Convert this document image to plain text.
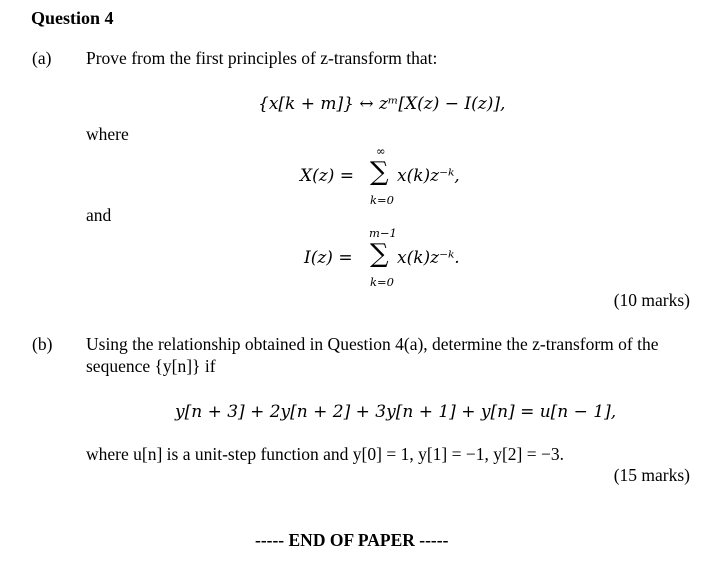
Question 4
(a) Prove from the first principles of z-transform that:
{x[k + m]} ↔ zᵐ[X(z) − I(z)],
where
X(z) =
∞
∑
k=0
x(k)z⁻ᵏ,
and
I(z) =
m−1
∑
k=0
x(k)z⁻ᵏ.
(10 marks)
(b) Using the relationship obtained in Question 4(a), determine the z-transform of the
sequence {y[n]} if
y[n + 3] + 2y[n + 2] + 3y[n + 1] + y[n] = u[n − 1],
where u[n] is a unit-step function and y[0] = 1, y[1] = −1, y[2] = −3.
(15 marks)
----- END OF PAPER -----
